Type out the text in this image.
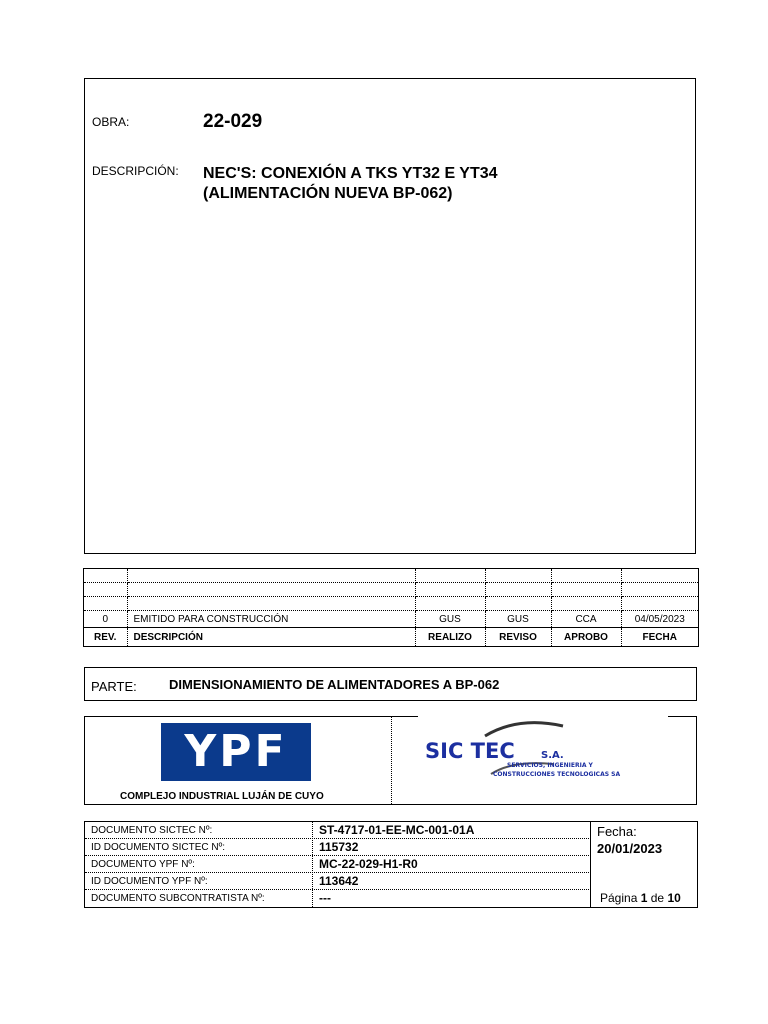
OBRA:	22-029
DESCRIPCIÓN: NEC'S: CONEXIÓN A TKS YT32 E YT34
(ALIMENTACIÓN NUEVA BP-062)

0	EMITIDO PARA CONSTRUCCIÓN	GUS	GUS	CCA	04/05/2023
REV.	DESCRIPCIÓN	REALIZO	REVISO	APROBO	FECHA
PARTE: DIMENSIONAMIENTO DE ALIMENTADORES A BP-062
YPF
COMPLEJO INDUSTRIAL LUJÁN DE CUYO
SIC TEC	S.A.
SERVICIOS, INGENIERIA Y
CONSTRUCCIONES TECNOLOGICAS SA
DOCUMENTO SICTEC Nº:	ST-4717-01-EE-MC-001-01A
ID DOCUMENTO SICTEC Nº:	115732
DOCUMENTO YPF Nº:	MC-22-029-H1-R0
ID DOCUMENTO YPF Nº:	113642
DOCUMENTO SUBCONTRATISTA Nº:	---
Fecha:
20/01/2023
Página 1 de 10
